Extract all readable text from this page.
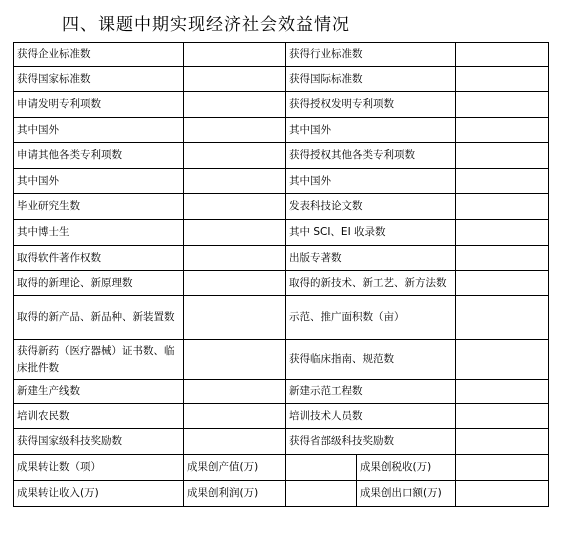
四、课题中期实现经济社会效益情况
获得企业标准数		获得行业标准数	
获得国家标准数		获得国际标准数	
申请发明专利项数		获得授权发明专利项数	
其中国外		其中国外	
申请其他各类专利项数		获得授权其他各类专利项数	
其中国外		其中国外	
毕业研究生数		发表科技论文数	
其中博士生		其中 SCI、EI 收录数	
取得软件著作权数		出版专著数	
取得的新理论、新原理数		取得的新技术、新工艺、新方法数	
取得的新产品、新品种、新装置数		示范、推广面积数（亩）	
获得新药（医疗器械）证书数、临床批件数		获得临床指南、规范数	
新建生产线数		新建示范工程数	
培训农民数		培训技术人员数	
获得国家级科技奖励数		获得省部级科技奖励数	
成果转让数（项）	成果创产值(万)		成果创税收(万)	
成果转让收入(万)	成果创利润(万)		成果创出口额(万)	
